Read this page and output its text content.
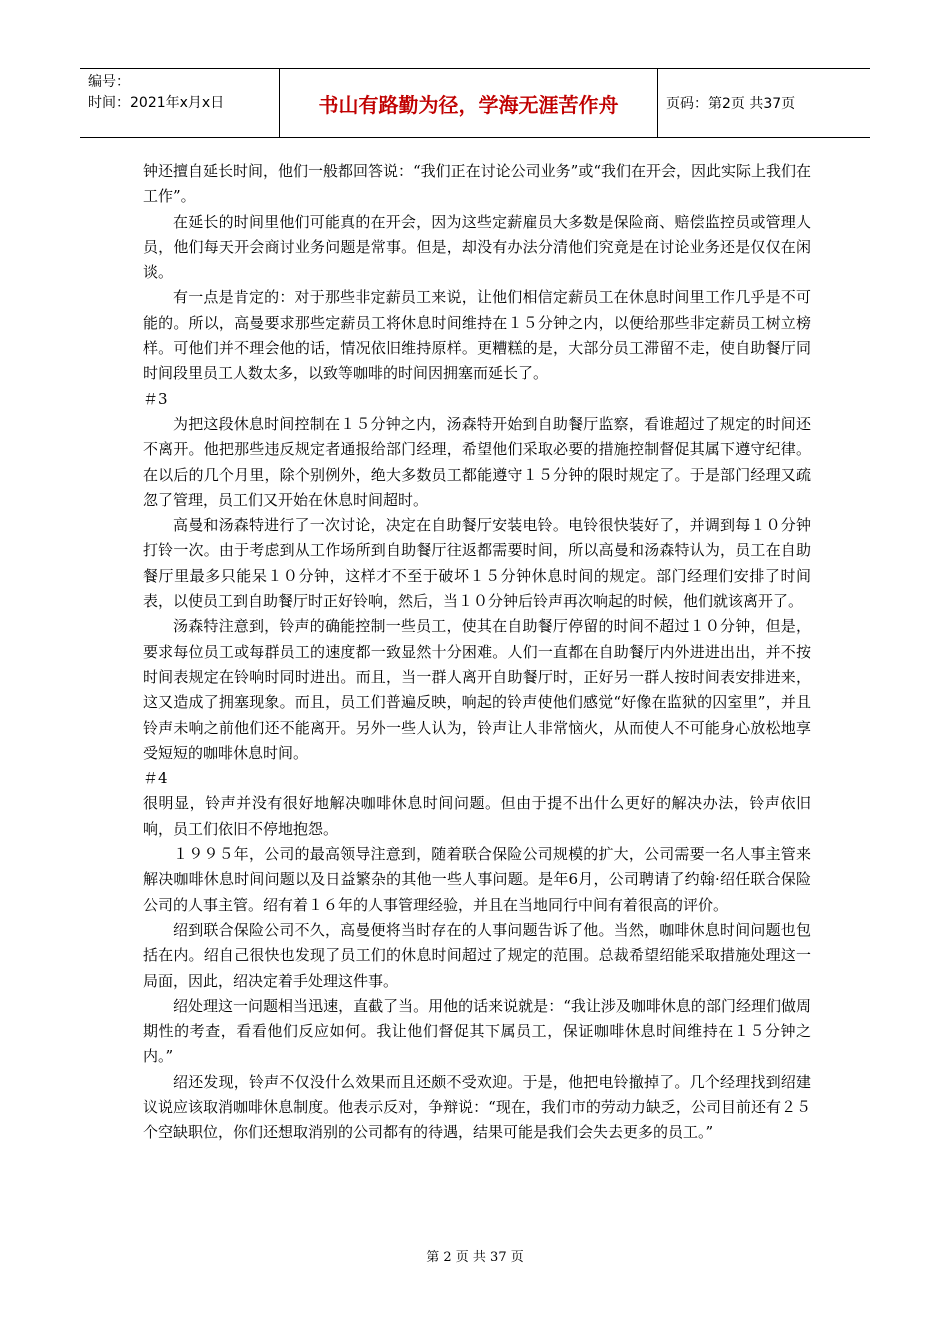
编号：
时间：2021年x月x日	书山有路勤为径，学海无涯苦作舟	页码：第2页 共37页

钟还擅自延长时间，他们一般都回答说：“我们正在讨论公司业务”或“我们在开会，因此实际上我们在工作”。

在延长的时间里他们可能真的在开会，因为这些定薪雇员大多数是保险商、赔偿监控员或管理人员，他们每天开会商讨业务问题是常事。但是，却没有办法分清他们究竟是在讨论业务还是仅仅在闲谈。

有一点是肯定的：对于那些非定薪员工来说，让他们相信定薪员工在休息时间里工作几乎是不可能的。所以，高曼要求那些定薪员工将休息时间维持在１５分钟之内，以便给那些非定薪员工树立榜样。可他们并不理会他的话，情况依旧维持原样。更糟糕的是，大部分员工滞留不走，使自助餐厅同时间段里员工人数太多，以致等咖啡的时间因拥塞而延长了。

＃3

为把这段休息时间控制在１５分钟之内，汤森特开始到自助餐厅监察，看谁超过了规定的时间还不离开。他把那些违反规定者通报给部门经理，希望他们采取必要的措施控制督促其属下遵守纪律。在以后的几个月里，除个别例外，绝大多数员工都能遵守１５分钟的限时规定了。于是部门经理又疏忽了管理，员工们又开始在休息时间超时。

高曼和汤森特进行了一次讨论，决定在自助餐厅安装电铃。电铃很快装好了，并调到每１０分钟打铃一次。由于考虑到从工作场所到自助餐厅往返都需要时间，所以高曼和汤森特认为，员工在自助餐厅里最多只能呆１０分钟，这样才不至于破坏１５分钟休息时间的规定。部门经理们安排了时间表，以使员工到自助餐厅时正好铃响，然后，当１０分钟后铃声再次响起的时候，他们就该离开了。

汤森特注意到，铃声的确能控制一些员工，使其在自助餐厅停留的时间不超过１０分钟，但是，要求每位员工或每群员工的速度都一致显然十分困难。人们一直都在自助餐厅内外进进出出，并不按时间表规定在铃响时同时进出。而且，当一群人离开自助餐厅时，正好另一群人按时间表安排进来，这又造成了拥塞现象。而且，员工们普遍反映，响起的铃声使他们感觉“好像在监狱的囚室里”，并且铃声未响之前他们还不能离开。另外一些人认为，铃声让人非常恼火，从而使人不可能身心放松地享受短短的咖啡休息时间。

＃4

很明显，铃声并没有很好地解决咖啡休息时间问题。但由于提不出什么更好的解决办法，铃声依旧响，员工们依旧不停地抱怨。

１９９５年，公司的最高领导注意到，随着联合保险公司规模的扩大，公司需要一名人事主管来解决咖啡休息时间问题以及日益繁杂的其他一些人事问题。是年6月，公司聘请了约翰·绍任联合保险公司的人事主管。绍有着１６年的人事管理经验，并且在当地同行中间有着很高的评价。

绍到联合保险公司不久，高曼便将当时存在的人事问题告诉了他。当然，咖啡休息时间问题也包括在内。绍自己很快也发现了员工们的休息时间超过了规定的范围。总裁希望绍能采取措施处理这一局面，因此，绍决定着手处理这件事。

绍处理这一问题相当迅速，直截了当。用他的话来说就是：“我让涉及咖啡休息的部门经理们做周期性的考查，看看他们反应如何。我让他们督促其下属员工，保证咖啡休息时间维持在１５分钟之内。”

绍还发现，铃声不仅没什么效果而且还颇不受欢迎。于是，他把电铃撤掉了。几个经理找到绍建议说应该取消咖啡休息制度。他表示反对，争辩说：“现在，我们市的劳动力缺乏，公司目前还有２５个空缺职位，你们还想取消别的公司都有的待遇，结果可能是我们会失去更多的员工。”

第 2 页 共 37 页
